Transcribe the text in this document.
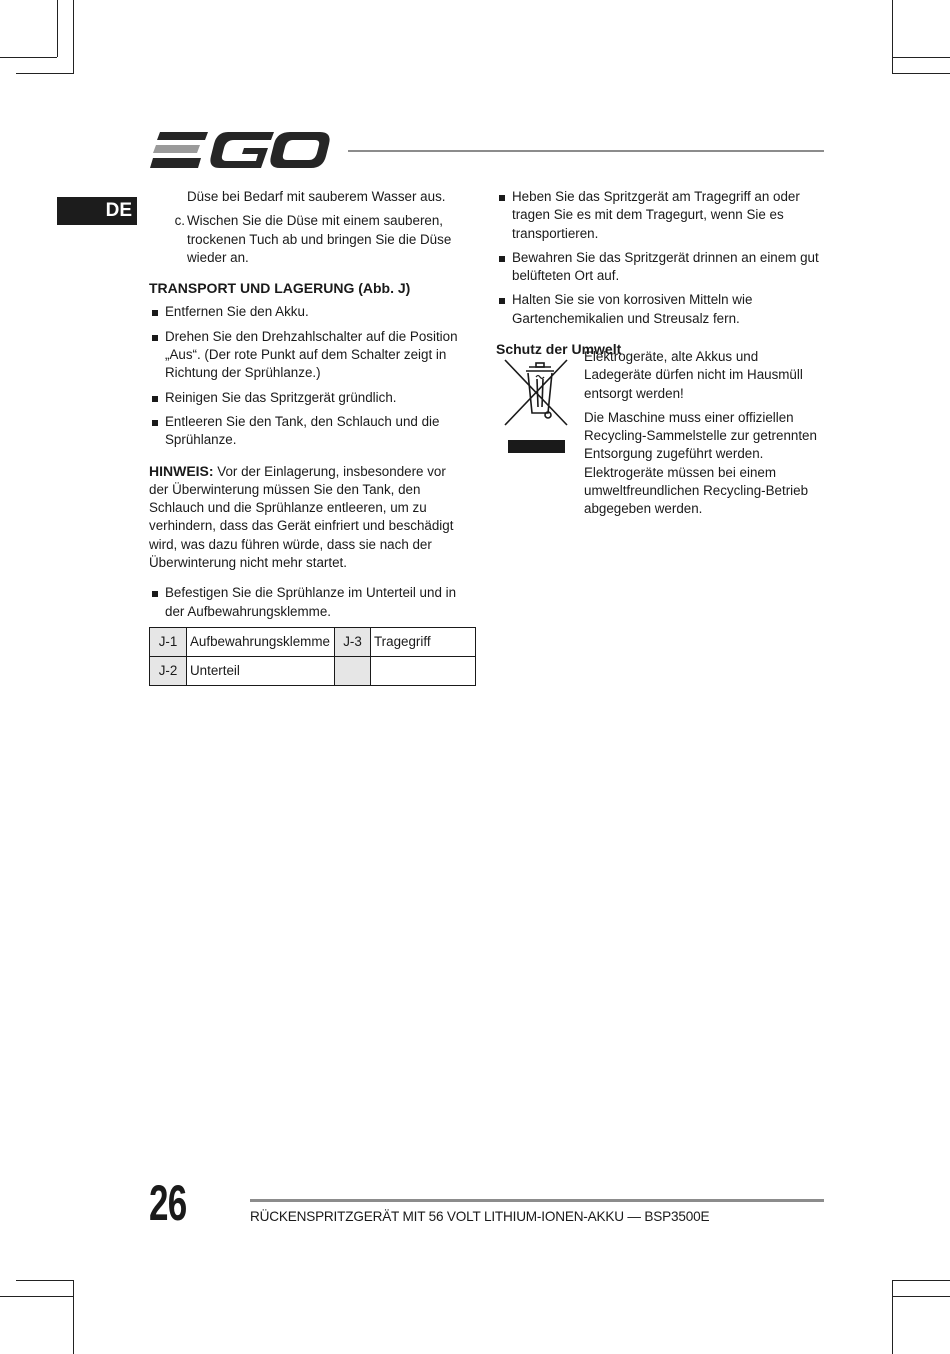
DE

Düse bei Bedarf mit sauberem Wasser aus.

c. Wischen Sie die Düse mit einem sauberen, trockenen Tuch ab und bringen Sie die Düse wieder an.
TRANSPORT UND LAGERUNG (Abb. J)
Entfernen Sie den Akku.
Drehen Sie den Drehzahlschalter auf die Position „Aus“. (Der rote Punkt auf dem Schalter zeigt in Richtung der Sprühlanze.)
Reinigen Sie das Spritzgerät gründlich.
Entleeren Sie den Tank, den Schlauch und die Sprühlanze.

HINWEIS: Vor der Einlagerung, insbesondere vor der Überwinterung müssen Sie den Tank, den Schlauch und die Sprühlanze entleeren, um zu verhindern, dass das Gerät einfriert und beschädigt wird, was dazu führen würde, dass sie nach der Überwinterung nicht mehr startet.

Befestigen Sie die Sprühlanze im Unterteil und in der Aufbewahrungsklemme.
J-1	Aufbewahrungsklemme	J-3	Tragegriff
J-2	Unterteil		
Heben Sie das Spritzgerät am Tragegriff an oder tragen Sie es mit dem Tragegurt, wenn Sie es transportieren.
Bewahren Sie das Spritzgerät drinnen an einem gut belüfteten Ort auf.
Halten Sie sie von korrosiven Mitteln wie Gartenchemikalien und Streusalz fern.
Schutz der Umwelt

Elektrogeräte, alte Akkus und Ladegeräte dürfen nicht im Hausmüll entsorgt werden!

Die Maschine muss einer offiziellen Recycling-Sammelstelle zur getrennten Entsorgung zugeführt werden. Elektrogeräte müssen bei einem umweltfreundlichen Recycling-Betrieb abgegeben werden.

26	RÜCKENSPRITZGERÄT MIT 56 VOLT LITHIUM-IONEN-AKKU — BSP3500E
